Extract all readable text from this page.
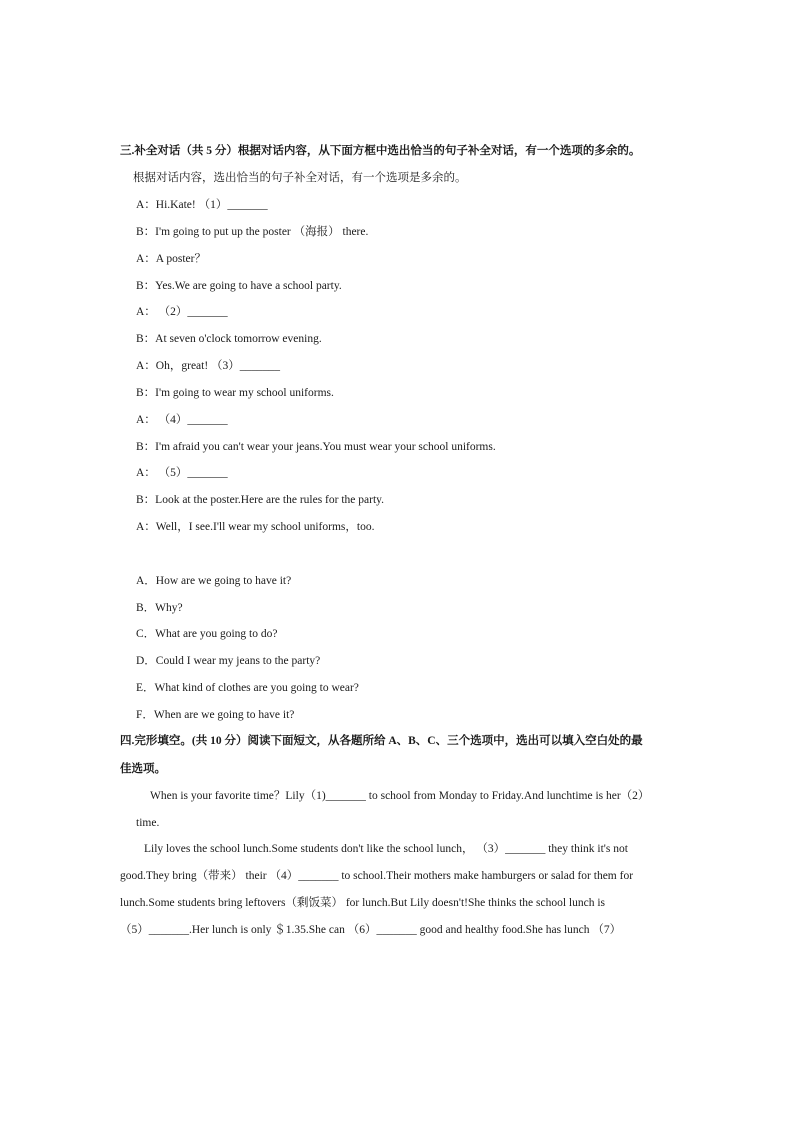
三.补全对话（共 5 分）根据对话内容，从下面方框中选出恰当的句子补全对话，有一个选项的多余的。
根据对话内容，选出恰当的句子补全对话，有一个选项是多余的。
A：Hi.Kate! （1）_______
B：I'm going to put up the poster （海报） there.
A：A poster？
B：Yes.We are going to have a school party.
A： （2）_______
B：At seven o'clock tomorrow evening.
A：Oh，great! （3）_______
B：I'm going to wear my school uniforms.
A： （4）_______
B：I'm afraid you can't wear your jeans.You must wear your school uniforms.
A： （5）_______
B：Look at the poster.Here are the rules for the party.
A：Well，I see.I'll wear my school uniforms，too.
A．How are we going to have it?
B．Why?
C．What are you going to do?
D．Could I wear my jeans to the party?
E．What kind of clothes are you going to wear?
F．When are we going to have it?
四.完形填空。(共 10 分）阅读下面短文，从各题所给 A、B、C、三个选项中，选出可以填入空白处的最
佳选项。
When is your favorite time？Lily（1)_______ to school from Monday to Friday.And lunchtime is her（2）
time.
Lily loves the school lunch.Some students don't like the school lunch， （3）_______ they think it's not
good.They bring（带来） their （4）_______ to school.Their mothers make hamburgers or salad for them for
lunch.Some students bring leftovers（剩饭菜） for lunch.But Lily doesn't!She thinks the school lunch is
（5）_______.Her lunch is only ＄1.35.She can （6）_______ good and healthy food.She has lunch （7）
